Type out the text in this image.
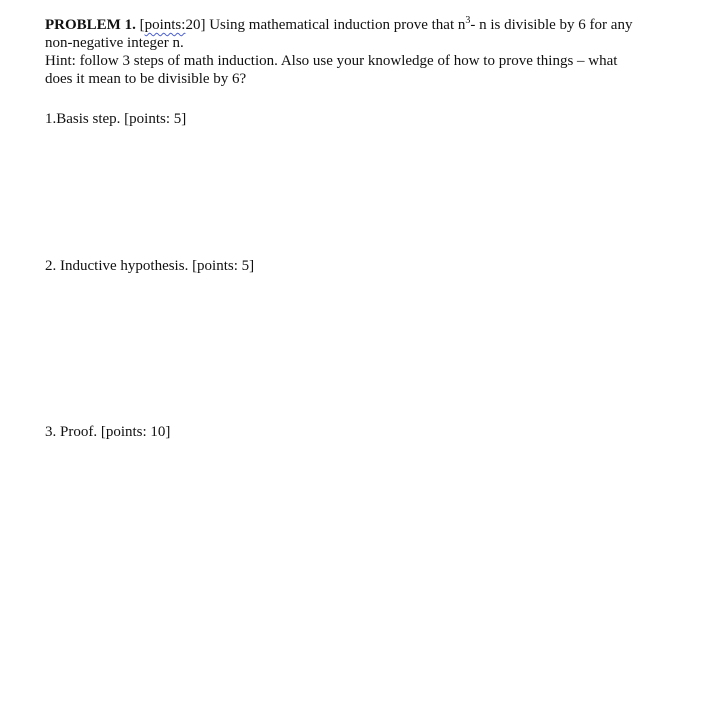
PROBLEM 1. [points:20] Using mathematical induction prove that $n^3-$ n is divisible by 6 for any
non-negative integer n.
Hint: follow 3 steps of math induction. Also use your knowledge of how to prove things – what
does it mean to be divisible by 6?
1.Basis step. [points: 5]
2. Inductive hypothesis. [points: 5]
3. Proof. [points: 10]
